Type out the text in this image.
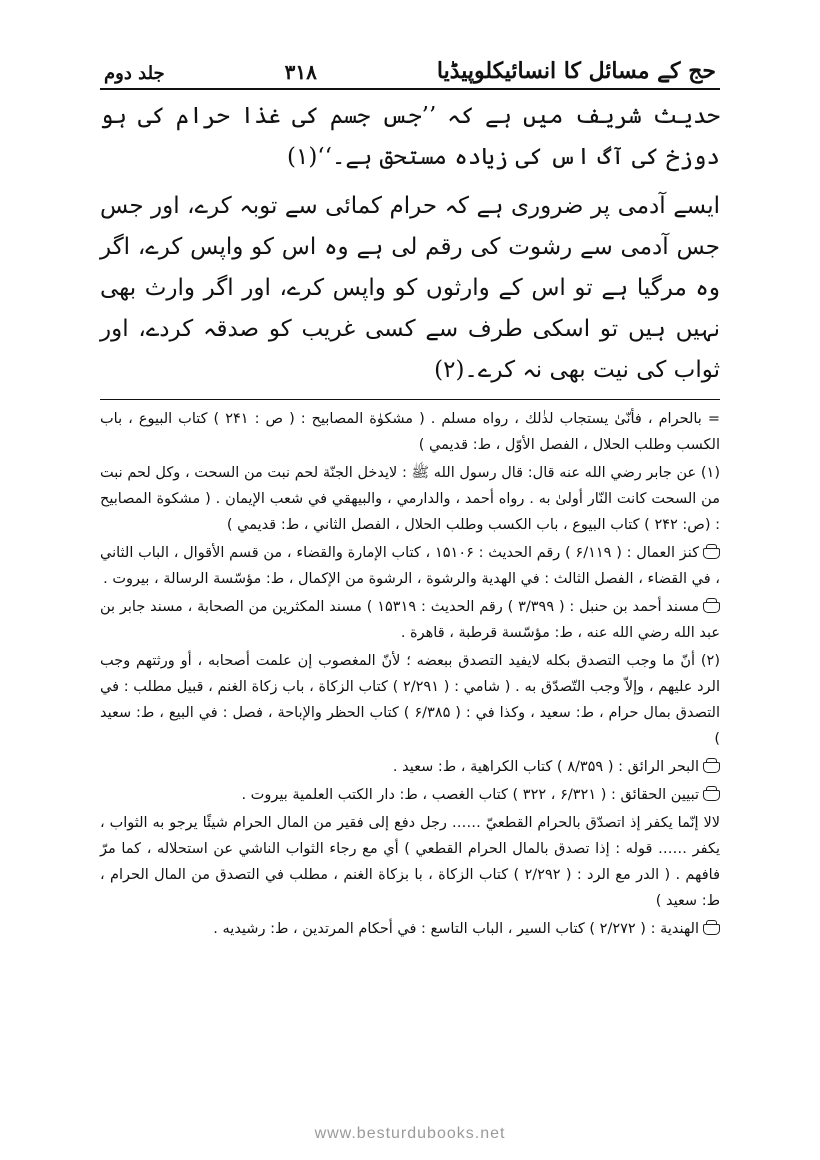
حج کے مسائل کا انسائیکلوپیڈیا
۳۱۸
جلد دوم

حدیث شریف میں ہے کہ ’’جس جسم کی غذا حرام کی ہو دوزخ کی آگ اس کی زیادہ مستحق ہے۔‘‘(۱)

ایسے آدمی پر ضروری ہے کہ حرام کمائی سے توبہ کرے، اور جس جس آدمی سے رشوت کی رقم لی ہے وہ اس کو واپس کرے، اگر وہ مرگیا ہے تو اس کے وارثوں کو واپس کرے، اور اگر وارث بھی نہیں ہیں تو اسکی طرف سے کسی غریب کو صدقہ کردے، اور ثواب کی نیت بھی نہ کرے۔(۲)

= بالحرام ، فأنّىٰ يستجاب لذٰلك ، رواه مسلم . ( مشكوٰة المصابيح : ( ص : ۲۴۱ ) كتاب البيوع ، باب الكسب وطلب الحلال ، الفصل الأوّل ، ط: قديمي )

(۱) عن جابر رضي الله عنه قال: قال رسول الله ﷺ : لايدخل الجنّة لحم نبت من السحت ، وكل لحم نبت من السحت كانت النّار أولىٰ به . رواه أحمد ، والدارمي ، والبيهقي في شعب الإيمان . ( مشكوة المصابيح : (ص: ۲۴۲ ) كتاب البيوع ، باب الكسب وطلب الحلال ، الفصل الثاني ، ط: قديمي )

كنز العمال : ( ۶/۱۱۹ ) رقم الحديث : ۱۵۱۰۶ ، كتاب الإمارة والقضاء ، من قسم الأقوال ، الباب الثاني ، في القضاء ، الفصل الثالث : في الهدية والرشوة ، الرشوة من الإكمال ، ط: مؤسّسة الرسالة ، بيروت .

مسند أحمد بن حنبل : ( ۳/۳۹۹ ) رقم الحديث : ۱۵۳۱۹ ) مسند المكثرين من الصحابة ، مسند جابر بن عبد الله رضي الله عنه ، ط: مؤسّسة قرطبة ، قاهرة .

(۲) أنّ ما وجب التصدق بكله لايفيد التصدق ببعضه ؛ لأنّ المغصوب إن علمت أصحابه ، أو ورثتهم وجب الرد عليهم ، وإلاّ وجب التّصدّق به . ( شامي : ( ۲/۲۹۱ ) كتاب الزكاة ، باب زكاة الغنم ، قبيل مطلب : في التصدق بمال حرام ، ط: سعيد ، وكذا في : ( ۶/۳۸۵ ) كتاب الحظر والإباحة ، فصل : في البيع ، ط: سعيد )

البحر الرائق : ( ۸/۳۵۹ ) كتاب الكراهية ، ط: سعيد .

تبيين الحقائق : ( ۶/۳۲۱ ، ۳۲۲ ) كتاب الغصب ، ط: دار الكتب العلمية بيروت .

ﻻﻻ إنّما يكفر إذ اتصدّق بالحرام القطعيّ …… رجل دفع إلى فقير من المال الحرام شيئًا يرجو به الثواب ، يكفر …… قوله : إذا تصدق بالمال الحرام القطعي ) أي مع رجاء الثواب الناشي عن استحلاله ، كما مرّ فافهم . ( الدر مع الرد : ( ۲/۲۹۲ ) كتاب الزكاة ، با بزكاة الغنم ، مطلب في التصدق من المال الحرام ، ط: سعيد )

الهندية : ( ۲/۲۷۲ ) كتاب السير ، الباب التاسع : في أحكام المرتدين ، ط: رشيديه .

www.besturdubooks.net
